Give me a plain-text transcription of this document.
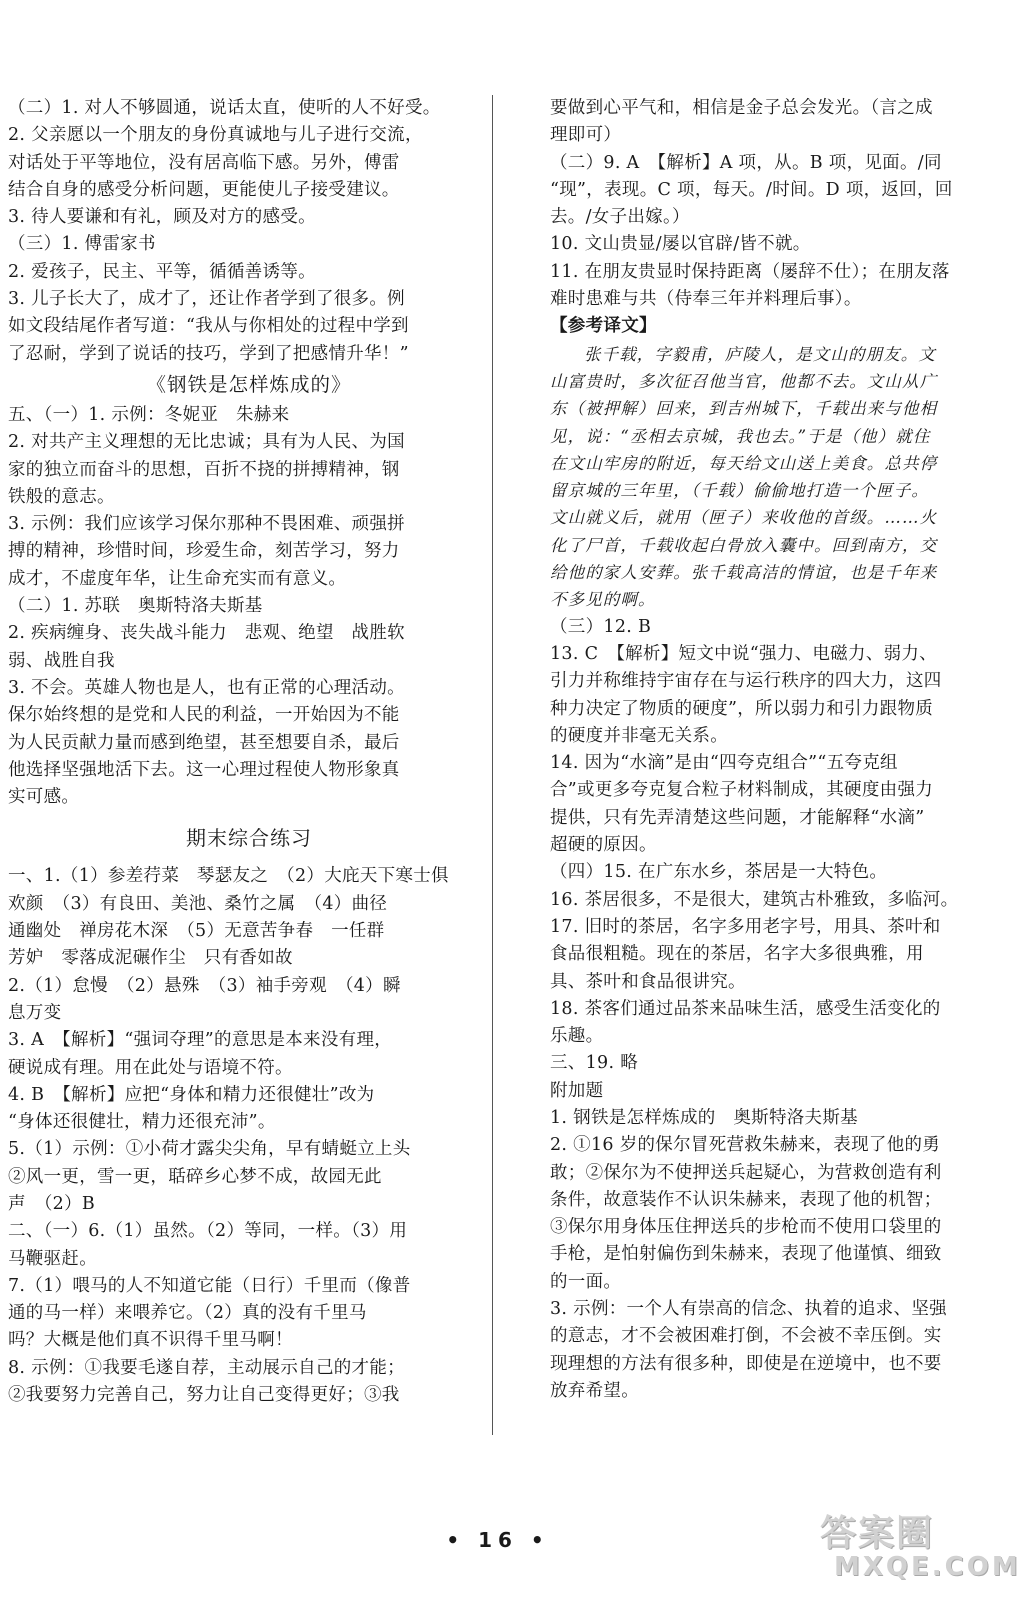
（二）1. 对人不够圆通，说话太直，使听的人不好受。
2. 父亲愿以一个朋友的身份真诚地与儿子进行交流，
对话处于平等地位，没有居高临下感。另外，傅雷
结合自身的感受分析问题，更能使儿子接受建议。
3. 待人要谦和有礼，顾及对方的感受。
（三）1. 傅雷家书
2. 爱孩子，民主、平等，循循善诱等。
3. 儿子长大了，成才了，还让作者学到了很多。例
如文段结尾作者写道：“我从与你相处的过程中学到
了忍耐，学到了说话的技巧，学到了把感情升华！”
《钢铁是怎样炼成的》
五、（一）1. 示例：冬妮亚　朱赫来
2. 对共产主义理想的无比忠诚；具有为人民、为国
家的独立而奋斗的思想，百折不挠的拼搏精神，钢
铁般的意志。
3. 示例：我们应该学习保尔那种不畏困难、顽强拼
搏的精神，珍惜时间，珍爱生命，刻苦学习，努力
成才，不虚度年华，让生命充实而有意义。
（二）1. 苏联　奥斯特洛夫斯基
2. 疾病缠身、丧失战斗能力　悲观、绝望　战胜软
弱、战胜自我
3. 不会。英雄人物也是人，也有正常的心理活动。
保尔始终想的是党和人民的利益，一开始因为不能
为人民贡献力量而感到绝望，甚至想要自杀，最后
他选择坚强地活下去。这一心理过程使人物形象真
实可感。
期末综合练习
一、1.（1）参差荇菜　琴瑟友之　（2）大庇天下寒士俱
欢颜　（3）有良田、美池、桑竹之属　（4）曲径
通幽处　禅房花木深　（5）无意苦争春　一任群
芳妒　零落成泥碾作尘　只有香如故
2.（1）怠慢　（2）悬殊　（3）袖手旁观　（4）瞬
息万变
3. A　【解析】“强词夺理”的意思是本来没有理，
硬说成有理。用在此处与语境不符。
4. B　【解析】应把“身体和精力还很健壮”改为
“身体还很健壮，精力还很充沛”。
5.（1）示例：①小荷才露尖尖角，早有蜻蜓立上头
②风一更，雪一更，聒碎乡心梦不成，故园无此
声　（2）B
二、（一）6.（1）虽然。（2）等同，一样。（3）用
马鞭驱赶。
7.（1）喂马的人不知道它能（日行）千里而（像普
通的马一样）来喂养它。（2）真的没有千里马
吗？大概是他们真不识得千里马啊！
8. 示例：①我要毛遂自荐，主动展示自己的才能；
②我要努力完善自己，努力让自己变得更好；③我
要做到心平气和，相信是金子总会发光。（言之成
理即可）
（二）9. A　【解析】A 项，从。B 项，见面。/同
“现”，表现。C 项，每天。/时间。D 项，返回，回
去。/女子出嫁。）
10. 文山贵显/屡以官辟/皆不就。
11. 在朋友贵显时保持距离（屡辞不仕）；在朋友落
难时患难与共（侍奉三年并料理后事）。
【参考译文】
张千载，字毅甫，庐陵人，是文山的朋友。文
山富贵时，多次征召他当官，他都不去。文山从广
东（被押解）回来，到吉州城下，千载出来与他相
见，说：“丞相去京城，我也去。”于是（他）就住
在文山牢房的附近，每天给文山送上美食。总共停
留京城的三年里，（千载）偷偷地打造一个匣子。
文山就义后，就用（匣子）来收他的首级。……火
化了尸首，千载收起白骨放入囊中。回到南方，交
给他的家人安葬。张千载高洁的情谊，也是千年来
不多见的啊。
（三）12. B
13. C　【解析】短文中说“强力、电磁力、弱力、
引力并称维持宇宙存在与运行秩序的四大力，这四
种力决定了物质的硬度”，所以弱力和引力跟物质
的硬度并非毫无关系。
14. 因为“水滴”是由“四夸克组合”“五夸克组
合”或更多夸克复合粒子材料制成，其硬度由强力
提供，只有先弄清楚这些问题，才能解释“水滴”
超硬的原因。
（四）15. 在广东水乡，茶居是一大特色。
16. 茶居很多，不是很大，建筑古朴雅致，多临河。
17. 旧时的茶居，名字多用老字号，用具、茶叶和
食品很粗糙。现在的茶居，名字大多很典雅，用
具、茶叶和食品很讲究。
18. 茶客们通过品茶来品味生活，感受生活变化的
乐趣。
三、19. 略
附加题
1. 钢铁是怎样炼成的　奥斯特洛夫斯基
2. ①16 岁的保尔冒死营救朱赫来，表现了他的勇
敢；②保尔为不使押送兵起疑心，为营救创造有利
条件，故意装作不认识朱赫来，表现了他的机智；
③保尔用身体压住押送兵的步枪而不使用口袋里的
手枪，是怕射偏伤到朱赫来，表现了他谨慎、细致
的一面。
3. 示例：一个人有崇高的信念、执着的追求、坚强
的意志，才不会被困难打倒，不会被不幸压倒。实
现理想的方法有很多种，即使是在逆境中，也不要
放弃希望。
• 16 •	答案圈
MXQE.COM
